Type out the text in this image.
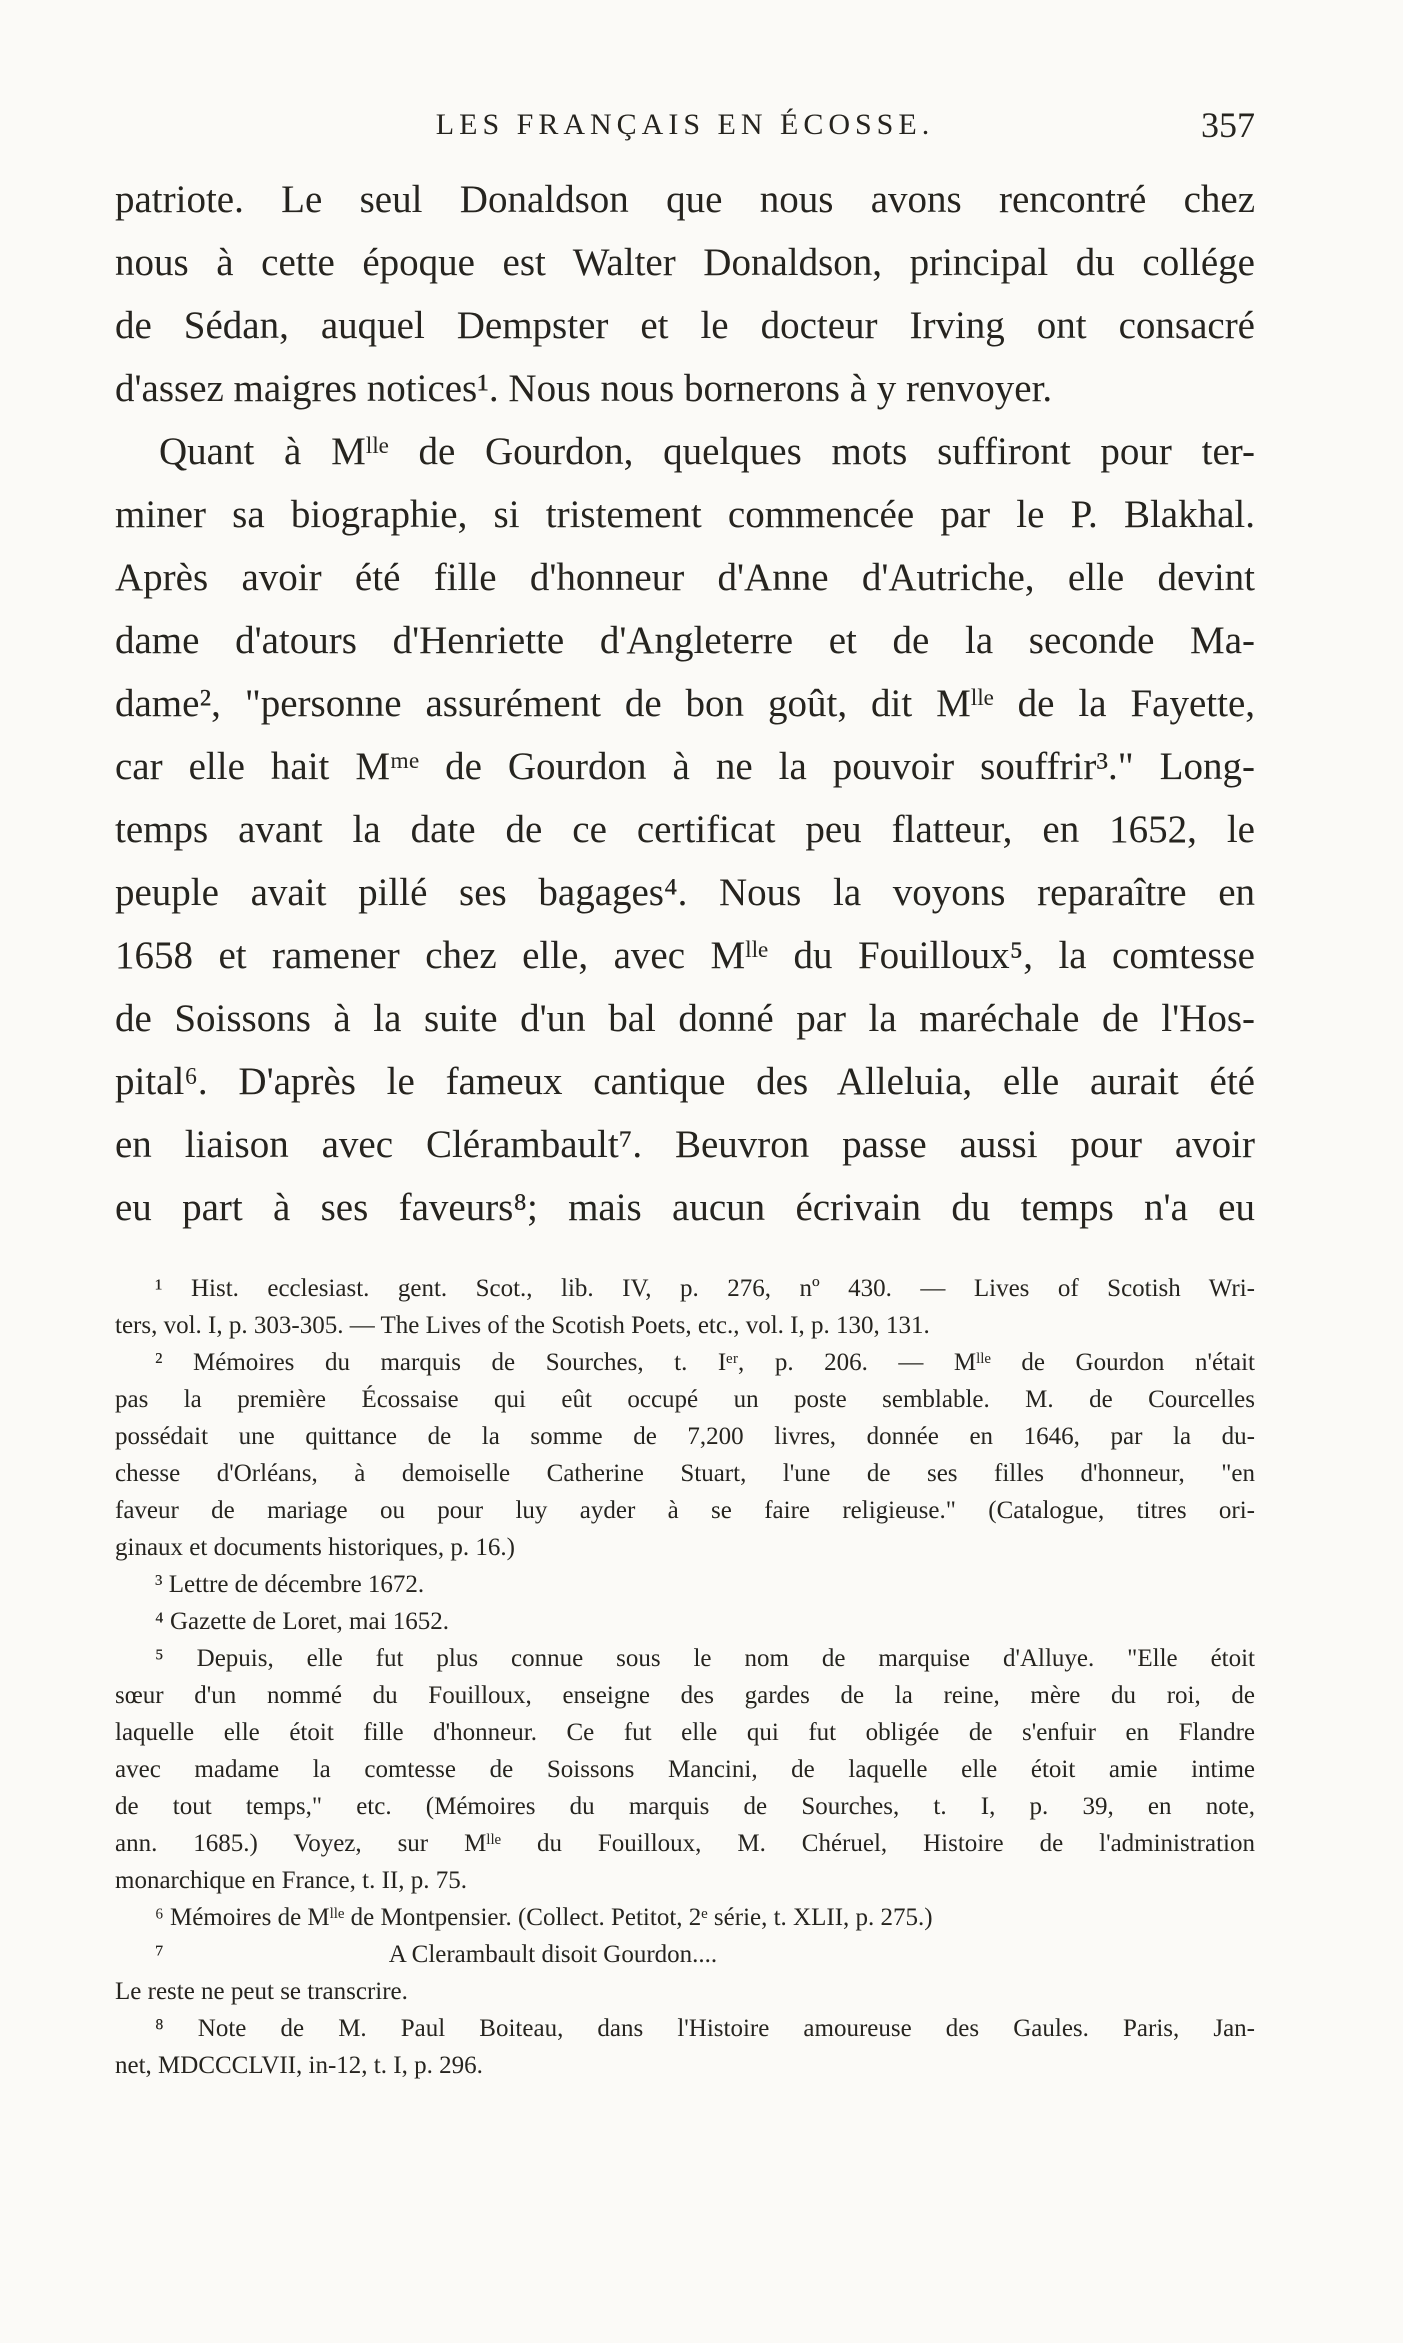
LES FRANÇAIS EN ÉCOSSE.	357
patriote. Le seul Donaldson que nous avons rencontré chez
nous à cette époque est Walter Donaldson, principal du collége
de Sédan, auquel Dempster et le docteur Irving ont consacré
d'assez maigres notices¹. Nous nous bornerons à y renvoyer.
Quant à Mˡˡᵉ de Gourdon, quelques mots suffiront pour ter-
miner sa biographie, si tristement commencée par le P. Blakhal.
Après avoir été fille d'honneur d'Anne d'Autriche, elle devint
dame d'atours d'Henriette d'Angleterre et de la seconde Ma-
dame², "personne assurément de bon goût, dit Mˡˡᵉ de la Fayette,
car elle hait Mᵐᵉ de Gourdon à ne la pouvoir souffrir³." Long-
temps avant la date de ce certificat peu flatteur, en 1652, le
peuple avait pillé ses bagages⁴. Nous la voyons reparaître en
1658 et ramener chez elle, avec Mˡˡᵉ du Fouilloux⁵, la comtesse
de Soissons à la suite d'un bal donné par la maréchale de l'Hos-
pital⁶. D'après le fameux cantique des Alleluia, elle aurait été
en liaison avec Clérambault⁷. Beuvron passe aussi pour avoir
eu part à ses faveurs⁸; mais aucun écrivain du temps n'a eu
¹ Hist. ecclesiast. gent. Scot., lib. IV, p. 276, nº 430. — Lives of Scotish Wri-
ters, vol. I, p. 303-305. — The Lives of the Scotish Poets, etc., vol. I, p. 130, 131.
² Mémoires du marquis de Sourches, t. Iᵉʳ, p. 206. — Mˡˡᵉ de Gourdon n'était
pas la première Écossaise qui eût occupé un poste semblable. M. de Courcelles
possédait une quittance de la somme de 7,200 livres, donnée en 1646, par la du-
chesse d'Orléans, à demoiselle Catherine Stuart, l'une de ses filles d'honneur, "en
faveur de mariage ou pour luy ayder à se faire religieuse." (Catalogue, titres ori-
ginaux et documents historiques, p. 16.)
³ Lettre de décembre 1672.
⁴ Gazette de Loret, mai 1652.
⁵ Depuis, elle fut plus connue sous le nom de marquise d'Alluye. "Elle étoit
sœur d'un nommé du Fouilloux, enseigne des gardes de la reine, mère du roi, de
laquelle elle étoit fille d'honneur. Ce fut elle qui fut obligée de s'enfuir en Flandre
avec madame la comtesse de Soissons Mancini, de laquelle elle étoit amie intime
de tout temps," etc. (Mémoires du marquis de Sourches, t. I, p. 39, en note,
ann. 1685.) Voyez, sur Mˡˡᵉ du Fouilloux, M. Chéruel, Histoire de l'administration
monarchique en France, t. II, p. 75.
⁶ Mémoires de Mˡˡᵉ de Montpensier. (Collect. Petitot, 2ᵉ série, t. XLII, p. 275.)
⁷	A Clerambault disoit Gourdon....
Le reste ne peut se transcrire.
⁸ Note de M. Paul Boiteau, dans l'Histoire amoureuse des Gaules. Paris, Jan-
net, MDCCCLVII, in-12, t. I, p. 296.
